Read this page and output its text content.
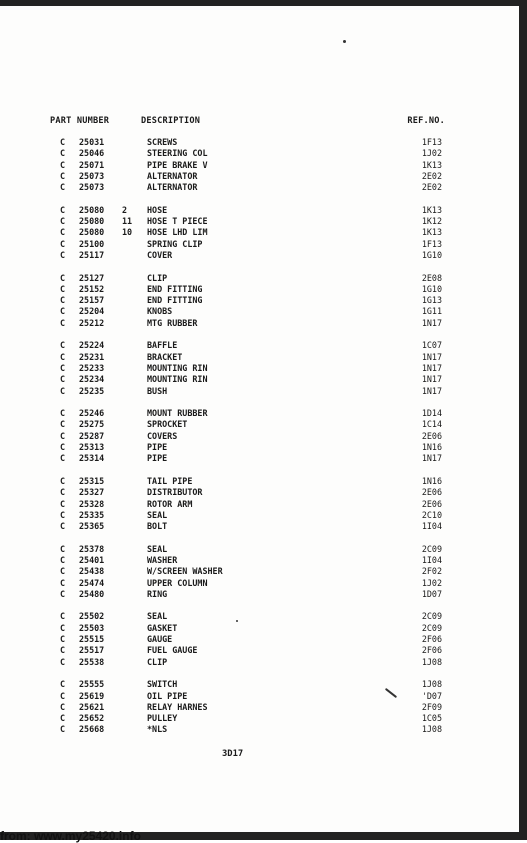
PART NUMBER	DESCRIPTION	REF.NO.
C 25031	SCREWS	1F13
C 25046	STEERING COL	1J02
C 25071	PIPE BRAKE V	1K13
C 25073	ALTERNATOR	2E02
C 25073	ALTERNATOR	2E02
C 25080 2 HOSE	1K13
C 25080 11 HOSE T PIECE	1K12
C 25080 10 HOSE LHD LIM	1K13
C 25100	SPRING CLIP	1F13
C 25117	COVER	1G10
C 25127	CLIP	2E08
C 25152	END FITTING	1G10
C 25157	END FITTING	1G13
C 25204	KNOBS	1G11
C 25212	MTG RUBBER	1N17
C 25224	BAFFLE	1C07
C 25231	BRACKET	1N17
C 25233	MOUNTING RIN	1N17
C 25234	MOUNTING RIN	1N17
C 25235	BUSH	1N17
C 25246	MOUNT RUBBER	1D14
C 25275	SPROCKET	1C14
C 25287	COVERS	2E06
C 25313	PIPE	1N16
C 25314	PIPE	1N17
C 25315	TAIL PIPE	1N16
C 25327	DISTRIBUTOR	2E06
C 25328	ROTOR ARM	2E06
C 25335	SEAL	2C10
C 25365	BOLT	1I04
C 25378	SEAL	2C09
C 25401	WASHER	1I04
C 25438	W/SCREEN WASHER	2F02
C 25474	UPPER COLUMN	1J02
C 25480	RING	1D07
C 25502	SEAL	2C09
C 25503	GASKET	2C09
C 25515	GAUGE	2F06
C 25517	FUEL GAUGE	2F06
C 25538	CLIP	1J08
C 25555	SWITCH	1J08
C 25619	OIL PIPE	'D07
C 25621	RELAY HARNES	2F09
C 25652	PULLEY	1C05
C 25668	*NLS	1J08
3D17
from: www.my25420.info
